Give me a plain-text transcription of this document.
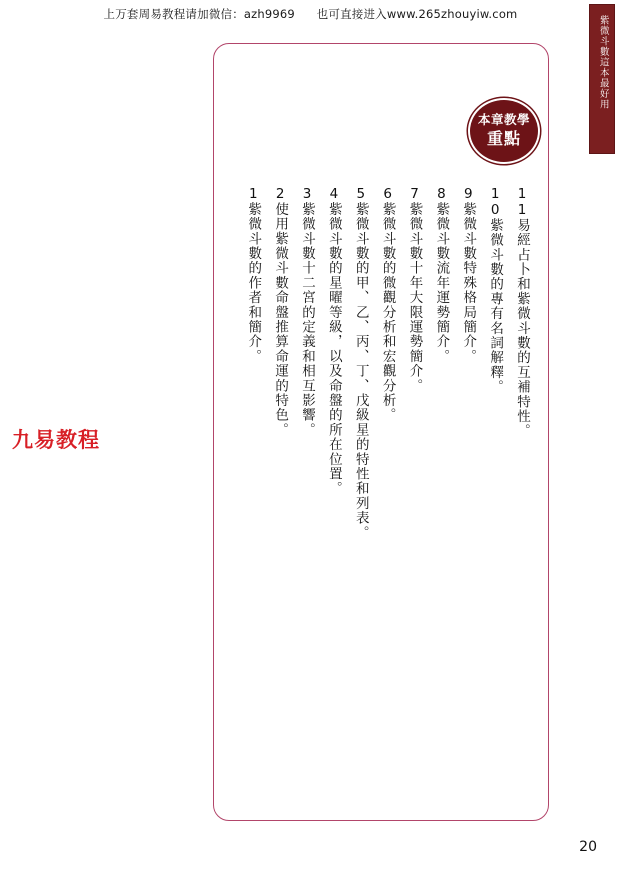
上万套周易教程请加微信：azh9969 也可直接进入www.265zhouyiw.com
紫微斗數這本最好用
本章教學
重點
1紫微斗數的作者和簡介。
2使用紫微斗數命盤推算命運的特色。
3紫微斗數十二宮的定義和相互影響。
4紫微斗數的星曜等級，以及命盤的所在位置。
5紫微斗數的甲、乙、丙、丁、戊級星的特性和列表。
6紫微斗數的微觀分析和宏觀分析。
7紫微斗數十年大限運勢簡介。
8紫微斗數流年運勢簡介。
9紫微斗數特殊格局簡介。 10紫微斗數的專有名詞解釋。
11易經占卜和紫微斗數的互補特性。
九易教程
20
